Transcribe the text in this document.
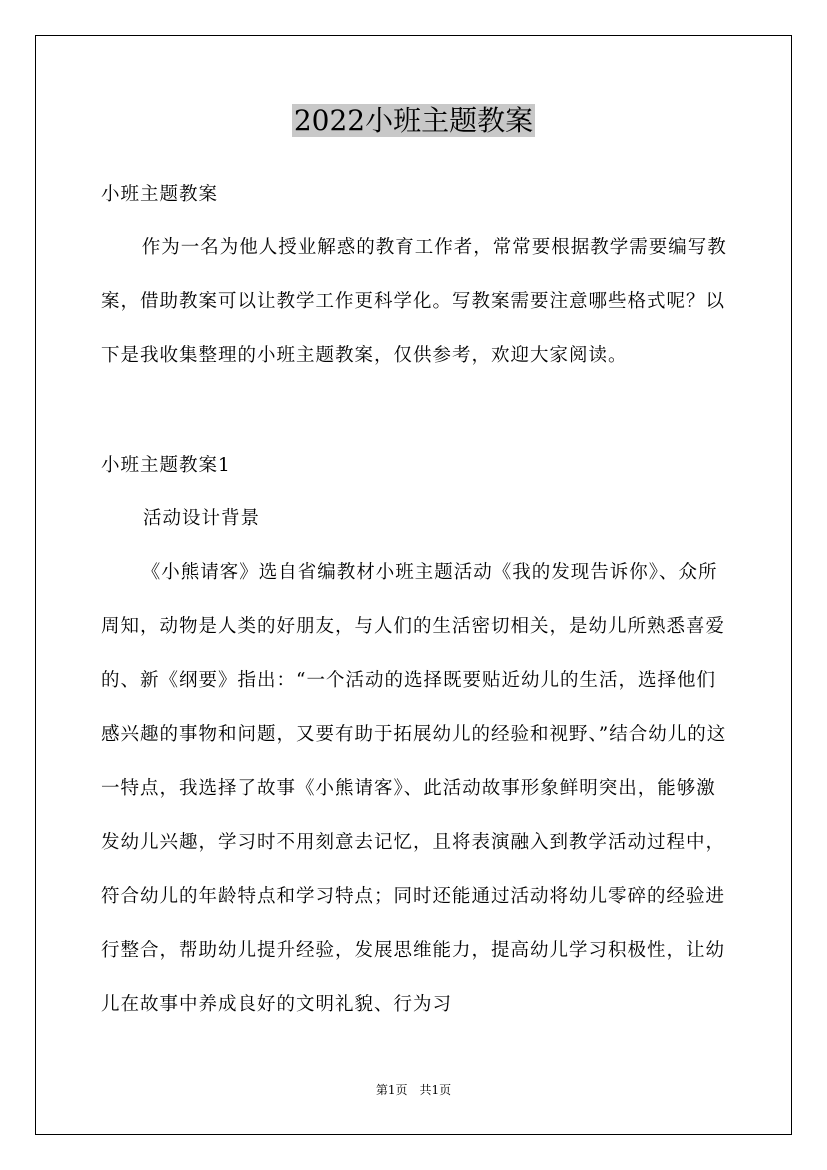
2022小班主题教案
小班主题教案

作为一名为他人授业解惑的教育工作者，常常要根据教学需要编写教案，借助教案可以让教学工作更科学化。写教案需要注意哪些格式呢？以下是我收集整理的小班主题教案，仅供参考，欢迎大家阅读。

小班主题教案1
活动设计背景

《小熊请客》选自省编教材小班主题活动《我的发现告诉你》、众所周知，动物是人类的好朋友，与人们的生活密切相关，是幼儿所熟悉喜爱的、新《纲要》指出：“一个活动的选择既要贴近幼儿的生活，选择他们感兴趣的事物和问题，又要有助于拓展幼儿的经验和视野、”结合幼儿的这一特点，我选择了故事《小熊请客》、此活动故事形象鲜明突出，能够激发幼儿兴趣，学习时不用刻意去记忆，且将表演融入到教学活动过程中，符合幼儿的年龄特点和学习特点；同时还能通过活动将幼儿零碎的经验进行整合，帮助幼儿提升经验，发展思维能力，提高幼儿学习积极性，让幼儿在故事中养成良好的文明礼貌、行为习

第1页　共1页
